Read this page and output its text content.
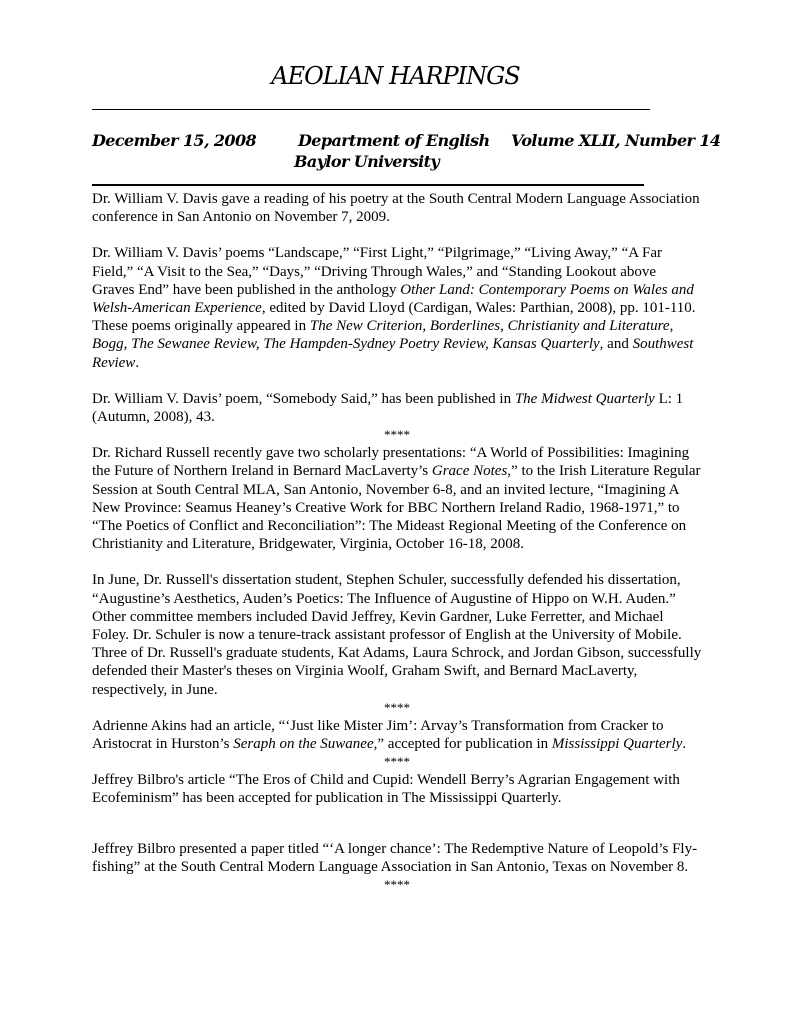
AEOLIAN HARPINGS
December 15, 2008	Department of English
Baylor University
Volume XLII, Number 14

Dr. William V. Davis gave a reading of his poetry at the South Central Modern Language Association conference in San Antonio on November 7, 2009.

Dr. William V. Davis’ poems “Landscape,” “First Light,” “Pilgrimage,” “Living Away,” “A Far Field,” “A Visit to the Sea,” “Days,” “Driving Through Wales,” and “Standing Lookout above Graves End” have been published in the anthology Other Land: Contemporary Poems on Wales and Welsh-American Experience, edited by David Lloyd (Cardigan, Wales: Parthian, 2008), pp. 101-110. These poems originally appeared in The New Criterion, Borderlines, Christianity and Literature, Bogg, The Sewanee Review, The Hampden-Sydney Poetry Review, Kansas Quarterly, and Southwest Review.

Dr. William V. Davis’ poem, “Somebody Said,” has been published in The Midwest Quarterly L: 1 (Autumn, 2008), 43.

****

Dr. Richard Russell recently gave two scholarly presentations: “A World of Possibilities: Imagining the Future of Northern Ireland in Bernard MacLaverty’s Grace Notes,” to the Irish Literature Regular Session at South Central MLA, San Antonio, November 6-8, and an invited lecture, “Imagining A New Province: Seamus Heaney’s Creative Work for BBC Northern Ireland Radio, 1968-1971,” to “The Poetics of Conflict and Reconciliation”: The Mideast Regional Meeting of the Conference on Christianity and Literature, Bridgewater, Virginia, October 16-18, 2008.

In June, Dr. Russell's dissertation student, Stephen Schuler, successfully defended his dissertation, “Augustine’s Aesthetics, Auden’s Poetics: The Influence of Augustine of Hippo on W.H. Auden.” Other committee members included David Jeffrey, Kevin Gardner, Luke Ferretter, and Michael Foley. Dr. Schuler is now a tenure-track assistant professor of English at the University of Mobile. Three of Dr. Russell's graduate students, Kat Adams, Laura Schrock, and Jordan Gibson, successfully defended their Master's theses on Virginia Woolf, Graham Swift, and Bernard MacLaverty, respectively, in June.

****

Adrienne Akins had an article, “‘Just like Mister Jim’: Arvay’s Transformation from Cracker to Aristocrat in Hurston’s Seraph on the Suwanee,” accepted for publication in Mississippi Quarterly.

****

Jeffrey Bilbro's article “The Eros of Child and Cupid: Wendell Berry’s Agrarian Engagement with Ecofeminism” has been accepted for publication in The Mississippi Quarterly.

Jeffrey Bilbro presented a paper titled “‘A longer chance’: The Redemptive Nature of Leopold’s Fly-fishing” at the South Central Modern Language Association in San Antonio, Texas on November 8.

****
